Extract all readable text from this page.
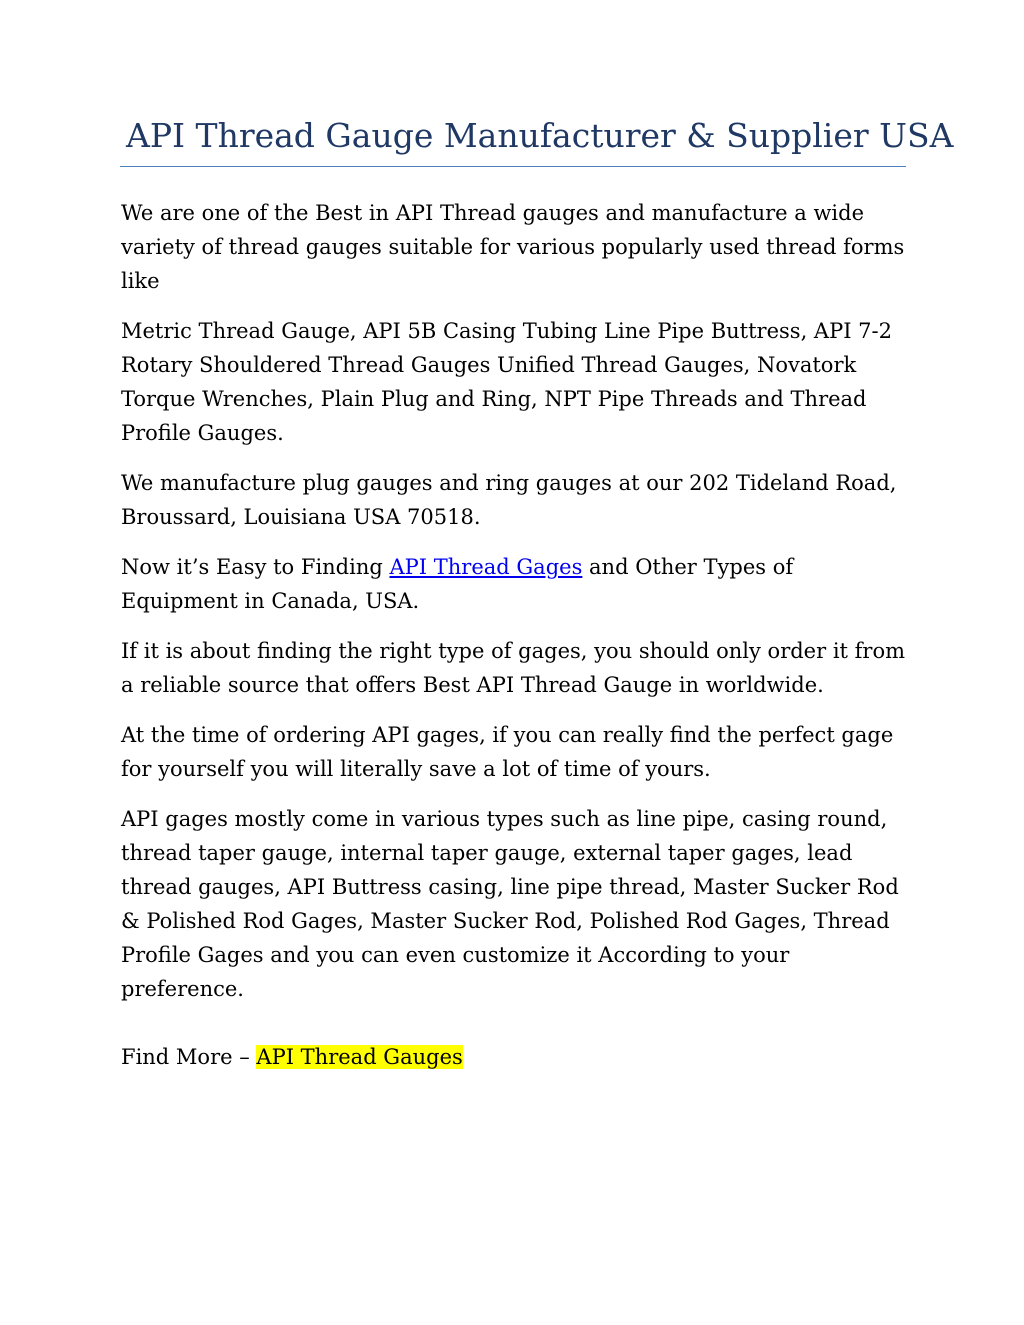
API Thread Gauge Manufacturer & Supplier USA

We are one of the Best in API Thread gauges and manufacture a wide variety of thread gauges suitable for various popularly used thread forms like

Metric Thread Gauge, API 5B Casing Tubing Line Pipe Buttress, API 7-2 Rotary Shouldered Thread Gauges Unified Thread Gauges, Novatork Torque Wrenches, Plain Plug and Ring, NPT Pipe Threads and Thread Profile Gauges.

We manufacture plug gauges and ring gauges at our 202 Tideland Road, Broussard, Louisiana USA 70518.

Now it’s Easy to Finding API Thread Gages and Other Types of Equipment in Canada, USA.

If it is about finding the right type of gages, you should only order it from a reliable source that offers Best API Thread Gauge in worldwide.

At the time of ordering API gages, if you can really find the perfect gage for yourself you will literally save a lot of time of yours.

API gages mostly come in various types such as line pipe, casing round, thread taper gauge, internal taper gauge, external taper gages, lead thread gauges, API Buttress casing, line pipe thread, Master Sucker Rod & Polished Rod Gages, Master Sucker Rod, Polished Rod Gages, Thread Profile Gages and you can even customize it According to your preference.

Find More – API Thread Gauges
